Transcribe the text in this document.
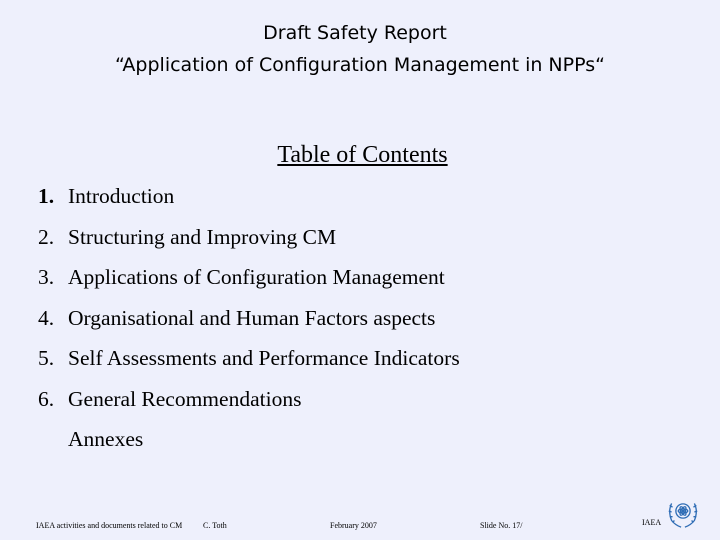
Draft Safety Report
“Application of Configuration Management in NPPs“
Table of Contents
1. Introduction
2. Structuring and Improving CM
3. Applications of Configuration Management
4. Organisational and Human Factors aspects
5. Self Assessments and Performance Indicators
6. General Recommendations
Annexes
IAEA activities and documents related to CM	C. Toth	February 2007	Slide No. 17/	IAEA
